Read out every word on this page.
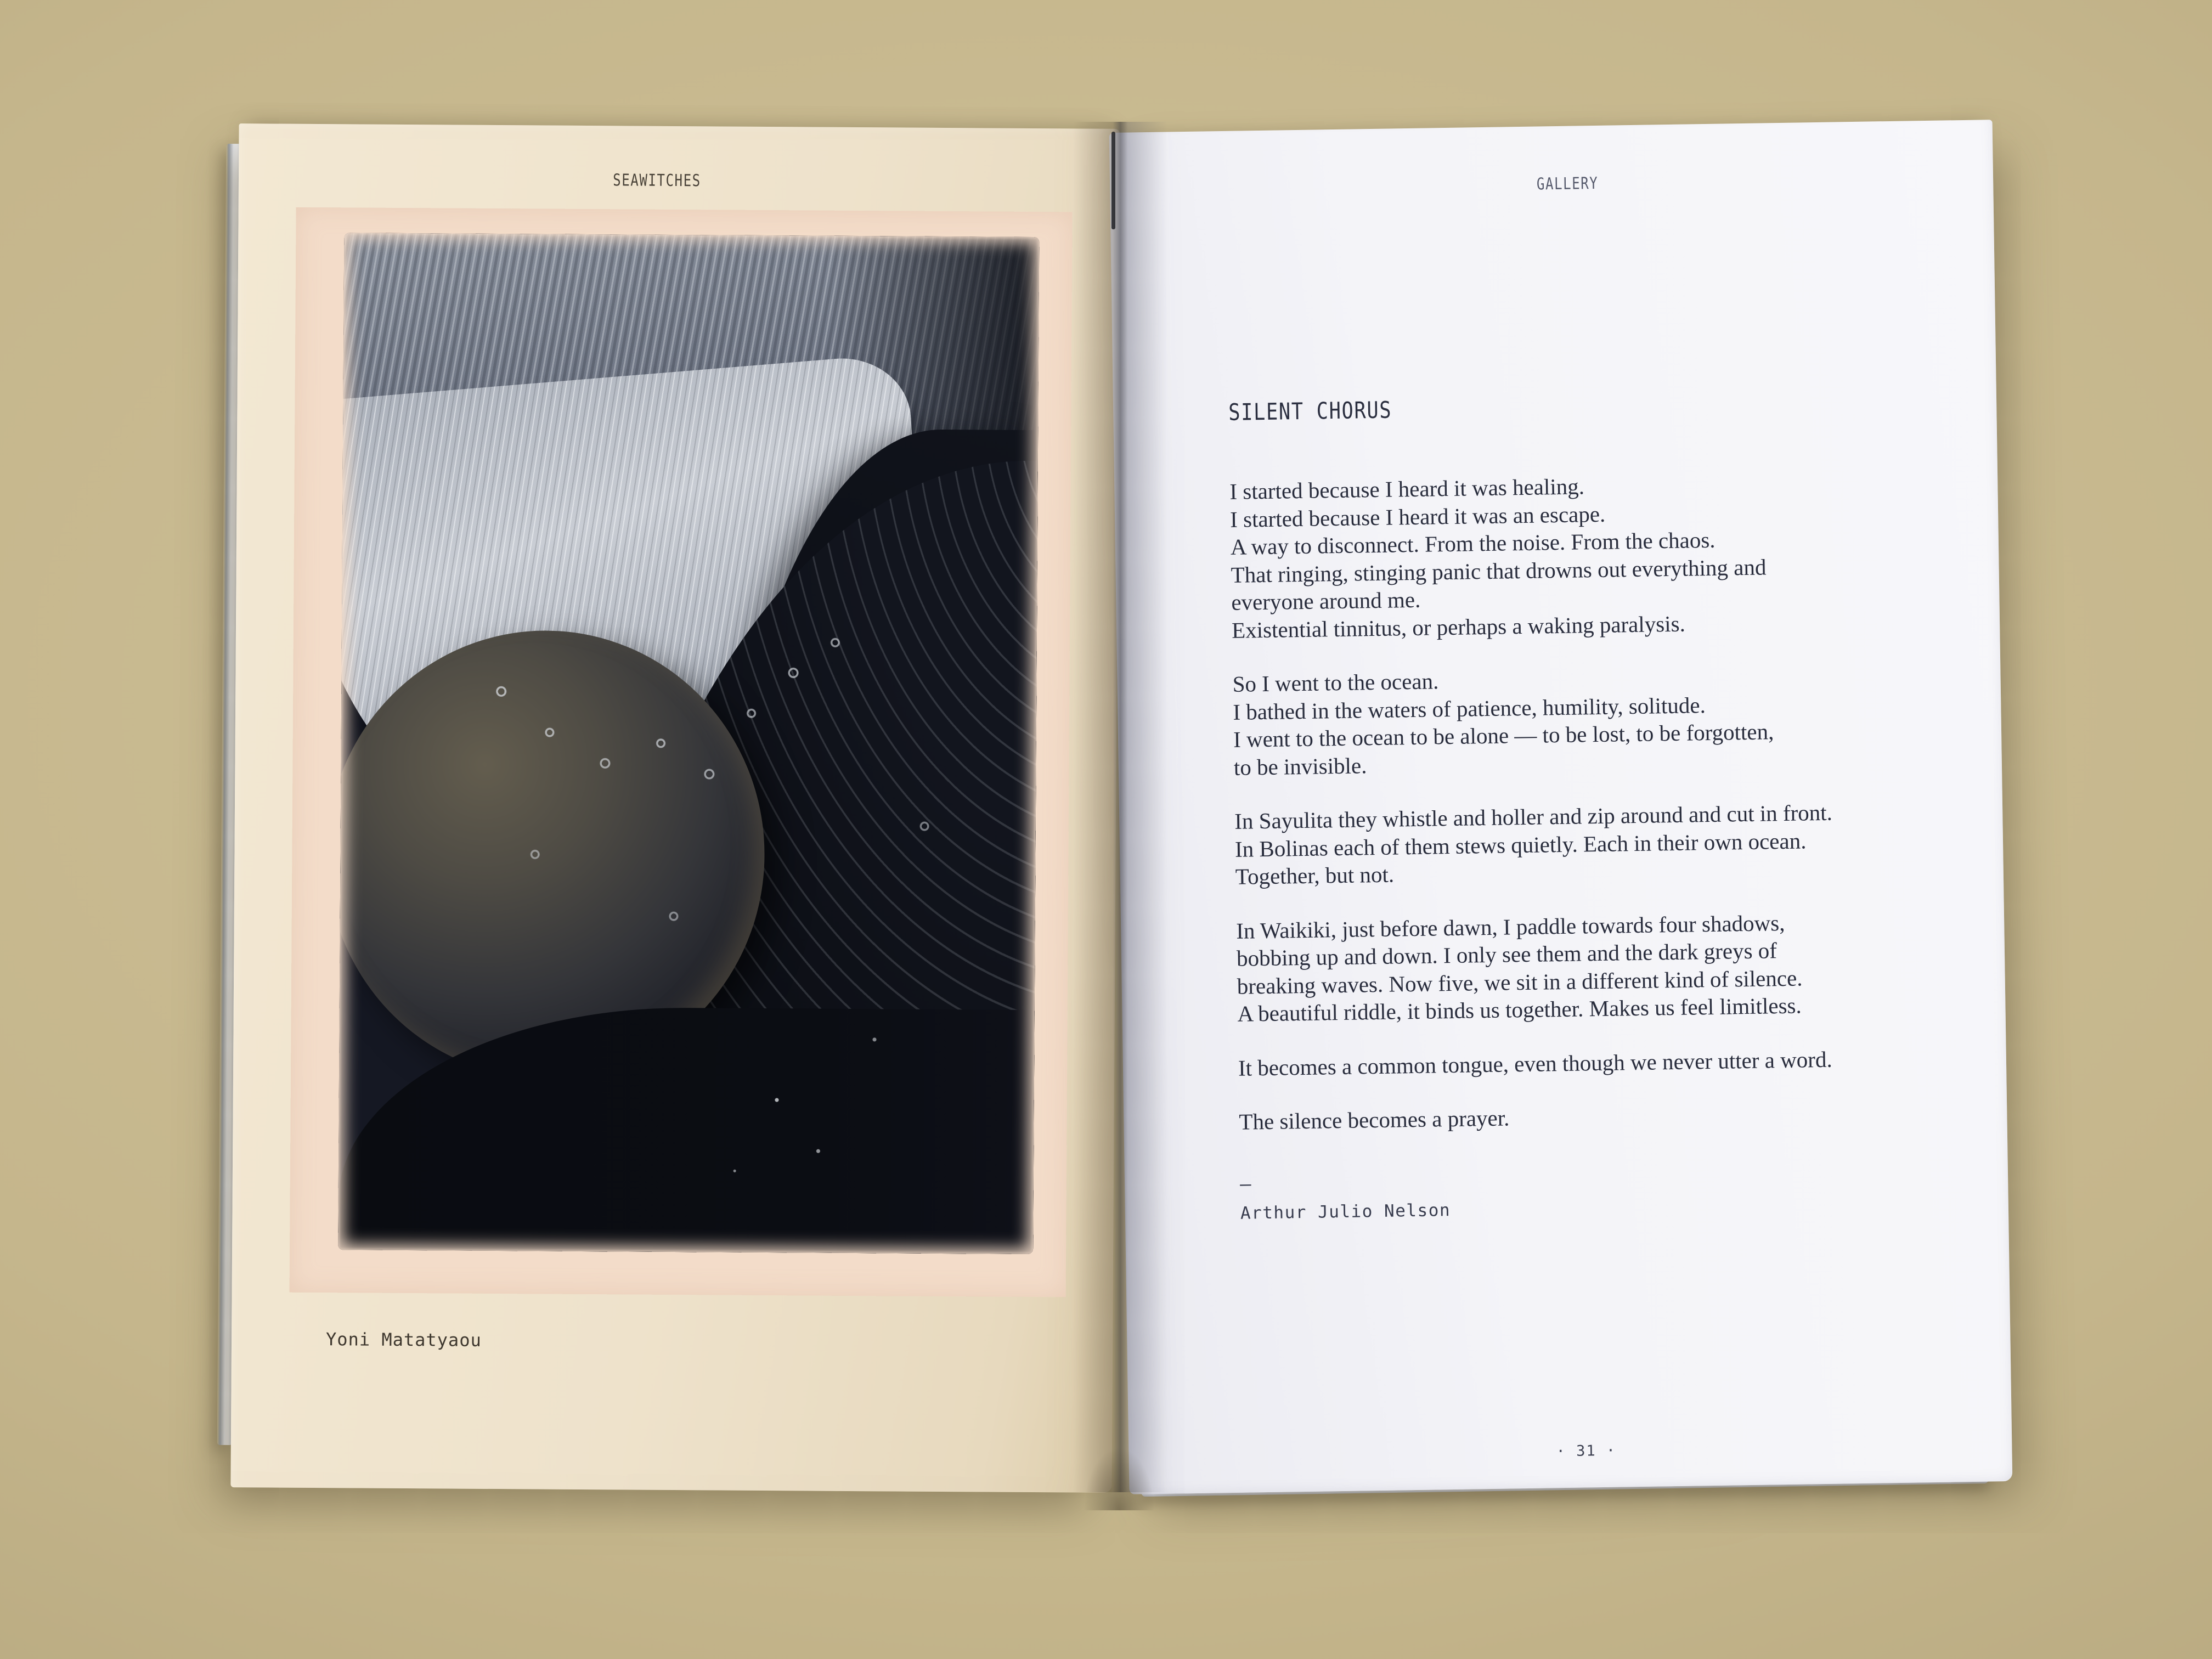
SEAWITCHES
Yoni Matatyaou
GALLERY
SILENT CHORUS
I started because I heard it was healing.
I started because I heard it was an escape.
A way to disconnect. From the noise. From the chaos.
That ringing, stinging panic that drowns out everything and
everyone around me.
Existential tinnitus, or perhaps a waking paralysis.
So I went to the ocean.
I bathed in the waters of patience, humility, solitude.
I went to the ocean to be alone — to be lost, to be forgotten,
to be invisible.
In Sayulita they whistle and holler and zip around and cut in front.
In Bolinas each of them stews quietly. Each in their own ocean.
Together, but not.
In Waikiki, just before dawn, I paddle towards four shadows,
bobbing up and down. I only see them and the dark greys of
breaking waves. Now five, we sit in a different kind of silence.
A beautiful riddle, it binds us together. Makes us feel limitless.
It becomes a common tongue, even though we never utter a word.
The silence becomes a prayer.
–
Arthur Julio Nelson
· 31 ·
